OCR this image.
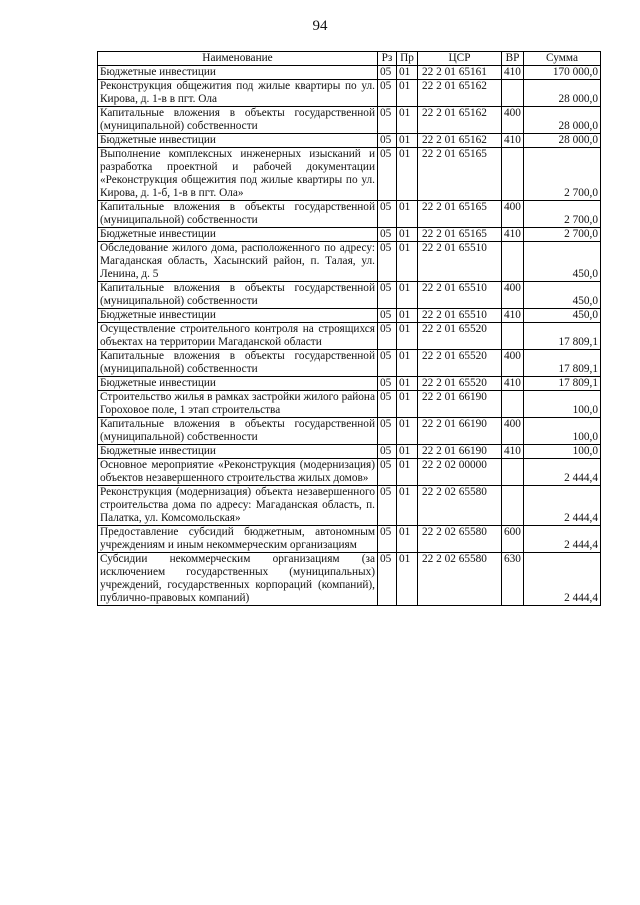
94
Наименование	Рз	Пр	ЦСР	ВР	Сумма
Бюджетные инвестиции	05	01	22 2 01 65161	410	170 000,0
Реконструкция общежития под жилые квартиры по ул. Кирова, д. 1-в в пгт. Ола	05	01	22 2 01 65162		28 000,0
Капитальные вложения в объекты государственной (муниципальной) собственности	05	01	22 2 01 65162	400	28 000,0
Бюджетные инвестиции	05	01	22 2 01 65162	410	28 000,0
Выполнение комплексных инженерных изысканий и разработка проектной и рабочей документации «Реконструкция общежития под жилые квартиры по ул. Кирова, д. 1-б, 1-в в пгт. Ола»	05	01	22 2 01 65165		2 700,0
Капитальные вложения в объекты государственной (муниципальной) собственности	05	01	22 2 01 65165	400	2 700,0
Бюджетные инвестиции	05	01	22 2 01 65165	410	2 700,0
Обследование жилого дома, расположенного по адресу: Магаданская область, Хасынский район, п. Талая, ул. Ленина, д. 5	05	01	22 2 01 65510		450,0
Капитальные вложения в объекты государственной (муниципальной) собственности	05	01	22 2 01 65510	400	450,0
Бюджетные инвестиции	05	01	22 2 01 65510	410	450,0
Осуществление строительного контроля на строящихся объектах на территории Магаданской области	05	01	22 2 01 65520		17 809,1
Капитальные вложения в объекты государственной (муниципальной) собственности	05	01	22 2 01 65520	400	17 809,1
Бюджетные инвестиции	05	01	22 2 01 65520	410	17 809,1
Строительство жилья в рамках застройки жилого района Гороховое поле, 1 этап строительства	05	01	22 2 01 66190		100,0
Капитальные вложения в объекты государственной (муниципальной) собственности	05	01	22 2 01 66190	400	100,0
Бюджетные инвестиции	05	01	22 2 01 66190	410	100,0
Основное мероприятие «Реконструкция (модернизация) объектов незавершенного строительства жилых домов»	05	01	22 2 02 00000		2 444,4
Реконструкция (модернизация) объекта незавершенного строительства дома по адресу: Магаданская область, п. Палатка, ул. Комсомольская»	05	01	22 2 02 65580		2 444,4
Предоставление субсидий бюджетным, автономным учреждениям и иным некоммерческим организациям	05	01	22 2 02 65580	600	2 444,4
Субсидии некоммерческим организациям (за исключением государственных (муниципальных) учреждений, государственных корпораций (компаний), публично-правовых компаний)	05	01	22 2 02 65580	630	2 444,4
